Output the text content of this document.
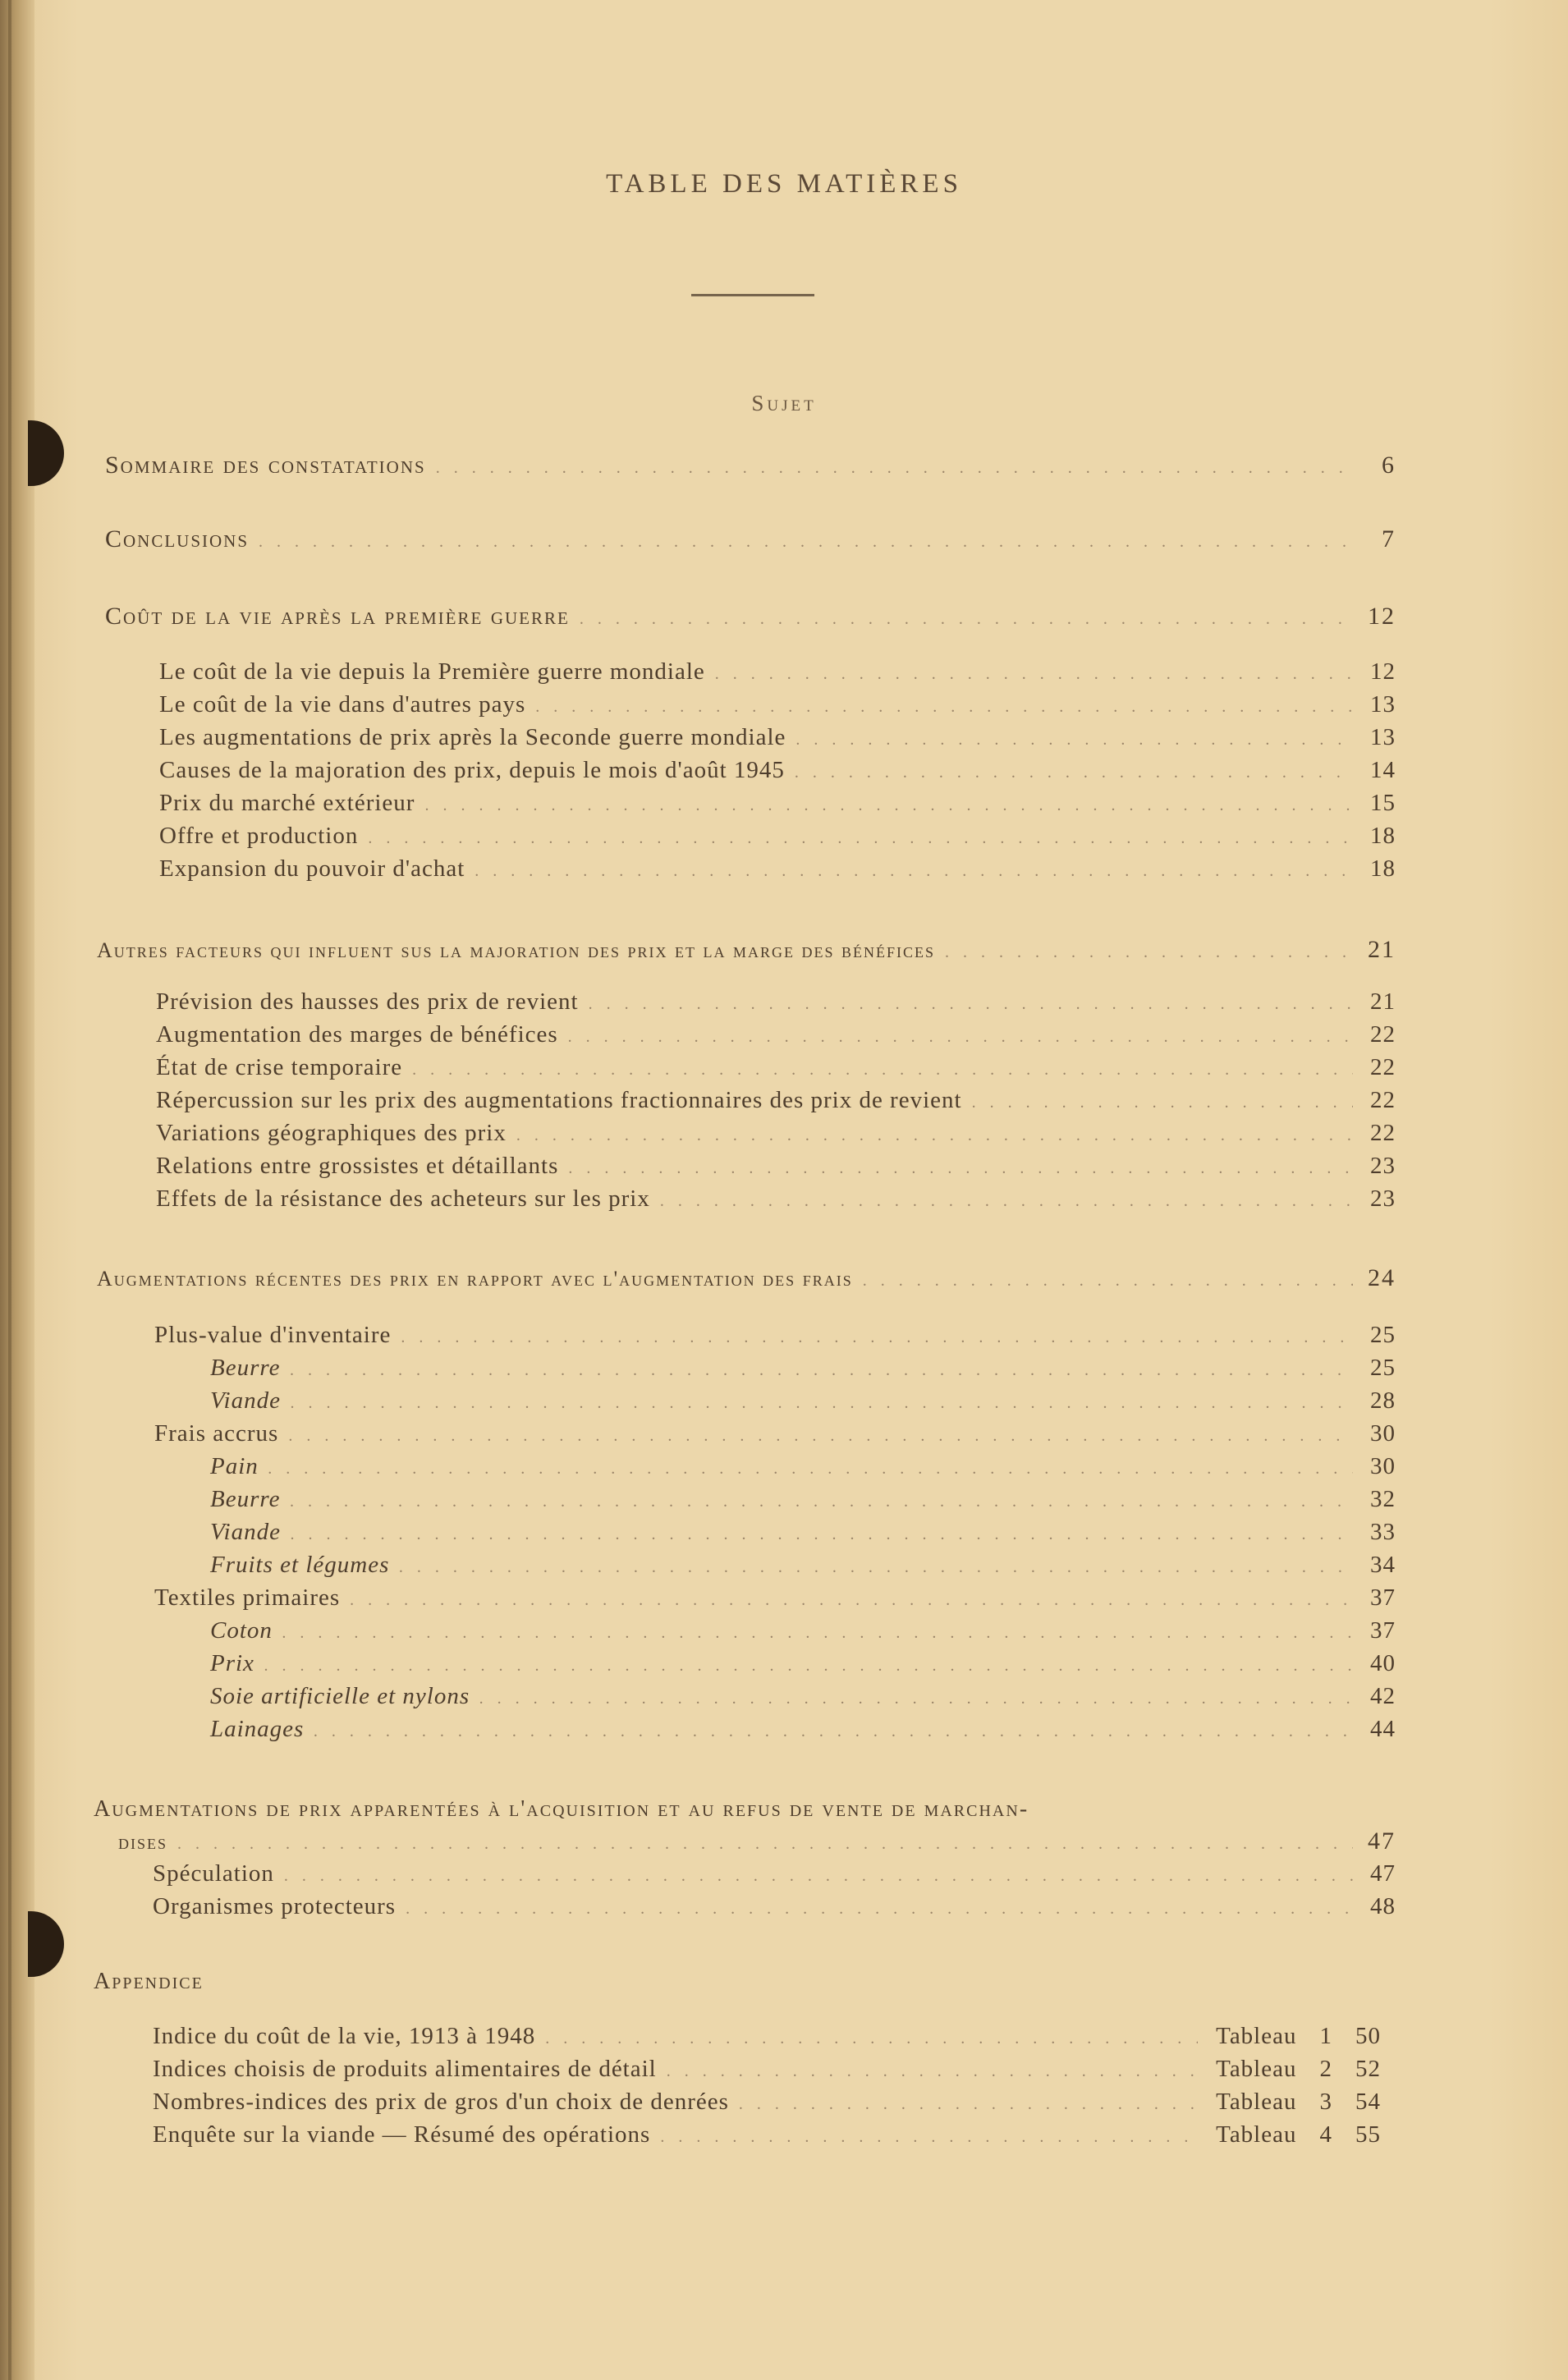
TABLE DES MATIÈRES
Sujet
Sommaire des constatations . . .	6
Conclusions . . .	7
Coût de la vie après la première guerre . . .	12
Le coût de la vie depuis la Première guerre mondiale . . .	12
Le coût de la vie dans d'autres pays . . .	13
Les augmentations de prix après la Seconde guerre mondiale . . .	13
Causes de la majoration des prix, depuis le mois d'août 1945 . . .	14
Prix du marché extérieur . . .	15
Offre et production . . .	18
Expansion du pouvoir d'achat . . .	18
Autres facteurs qui influent sus la majoration des prix et la marge des bénéfices . . .	21
Prévision des hausses des prix de revient . . .	21
Augmentation des marges de bénéfices . . .	22
État de crise temporaire . . .	22
Répercussion sur les prix des augmentations fractionnaires des prix de revient . . .	22
Variations géographiques des prix . . .	22
Relations entre grossistes et détaillants . . .	23
Effets de la résistance des acheteurs sur les prix . . .	23
Augmentations récentes des prix en rapport avec l'augmentation des frais . . .	24
Plus-value d'inventaire . . .	25
Beurre . . .	25
Viande . . .	28
Frais accrus . . .	30
Pain . . .	30
Beurre . . .	32
Viande . . .	33
Fruits et légumes . . .	34
Textiles primaires . . .	37
Coton . . .	37
Prix . . .	40
Soie artificielle et nylons . . .	42
Lainages . . .	44
Augmentations de prix apparentées à l'acquisition et au refus de vente de marchan-
dises . . .	47
Spéculation . . .	47
Organismes protecteurs . . .	48
Appendice
Indice du coût de la vie, 1913 à 1948 . . .	Tableau 1 50
Indices choisis de produits alimentaires de détail . . .	Tableau 2 52
Nombres-indices des prix de gros d'un choix de denrées . . .	Tableau 3 54
Enquête sur la viande — Résumé des opérations . . .	Tableau 4 55
